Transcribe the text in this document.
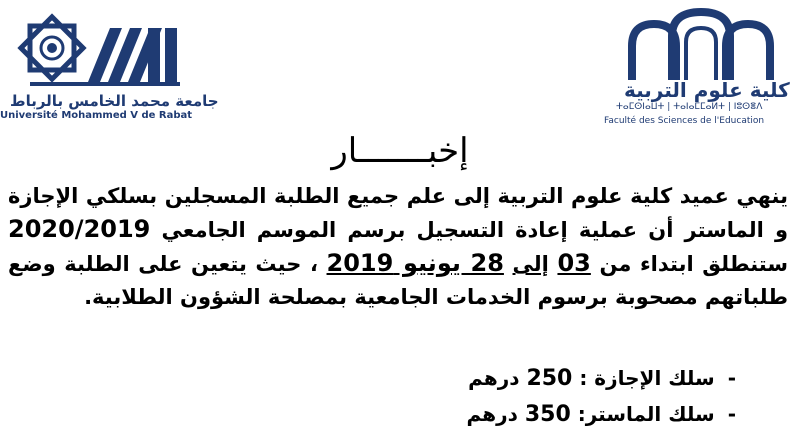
جامعة محمد الخامس بالرباط
Université Mohammed V de Rabat
كلية علوم التربية
ⵜⴰⵎⵙⵏⴰⵡⵜ | ⵜⴰⵏⴰⵎⵎⴰⵍⵜ | ⵏⵓⵙⴻⴷ
Faculté des Sciences de l'Education
إخبـــــــار
ينهي عميد كلية علوم التربية إلى علم جميع الطلبة المسجلين بسلكي الإجازة و الماستر أن عملية إعادة التسجيل برسم الموسم الجامعي 2020/2019 ستنطلق ابتداء من 03 إلى 28 يونيو 2019 ، حيث يتعين على الطلبة وضع طلباتهم مصحوبة برسوم الخدمات الجامعية بمصلحة الشؤون الطلابية.
- سلك الإجازة : 250 درهم
- سلك الماستر: 350 درهم
